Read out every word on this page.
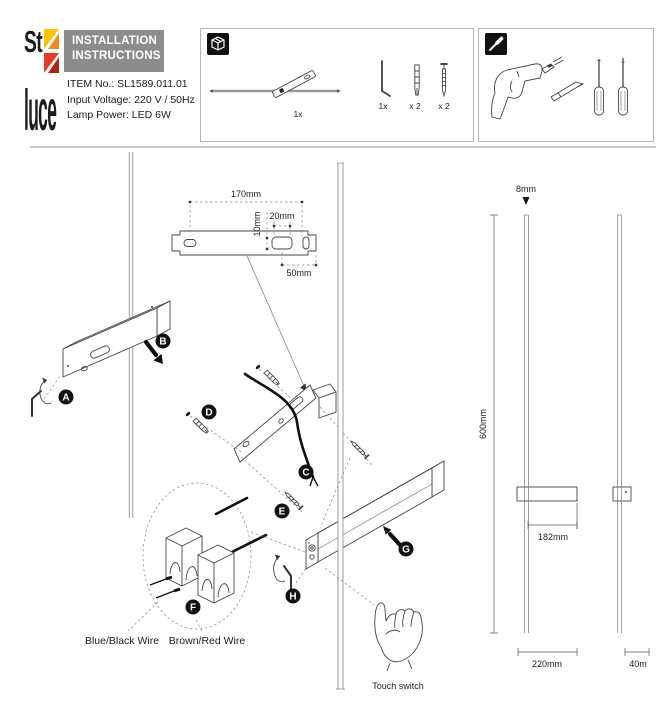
St
luce
INSTALLATION
INSTRUCTIONS
ITEM No.: SL1589.011.01
Input Voltage: 220 V / 50Hz
Lamp Power: LED 6W	1x
1x	x 2 x 2
A
B
170mm
10mm 20mm
50mm
D
E
C
G
H
Touch switch
F
Blue/Black Wire Brown/Red Wire
8mm
600mm
182mm
220mm	40m
